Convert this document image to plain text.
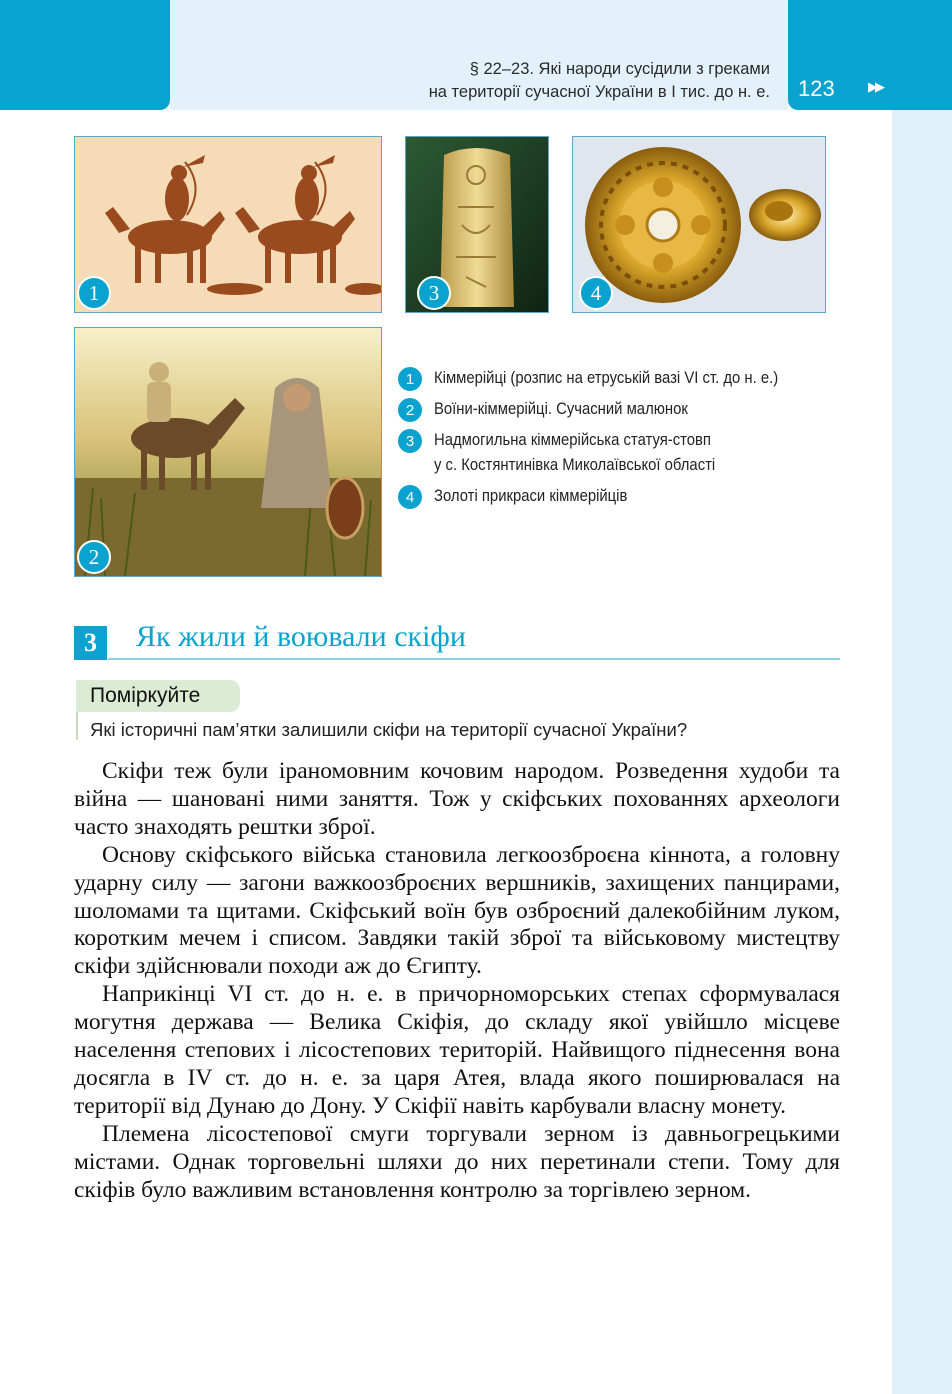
§ 22–23. Які народи сусідили з греками
на території сучасної України в І тис. до н. е. 123	▶▶
1	3	4
2
1	Кіммерійці (розпис на етруській вазі VI ст. до н. е.)
2	Воїни-кіммерійці. Сучасний малюнок
3	Надмогильна кіммерійська статуя-стовп
у с. Костянтинівка Миколаївської області
4	Золоті прикраси кіммерійців
3	Як жили й воювали скіфи
Поміркуйте
Які історичні пам’ятки залишили скіфи на території сучасної України?

Скіфи теж були іраномовним кочовим народом. Розведення худоби та війна — шановані ними заняття. Тож у скіфських похованнях археологи часто знаходять рештки зброї.

Основу скіфського війська становила легкоозброєна кіннота, а головну ударну силу — загони важкоозброєних вершників, захищених панцирами, шоломами та щитами. Скіфський воїн був озброєний далекобійним луком, коротким мечем і списом. Завдяки такій зброї та військовому мистецтву скіфи здійснювали походи аж до Єгипту.

Наприкінці VI ст. до н. е. в причорноморських степах сформувалася могутня держава — Велика Скіфія, до складу якої увійшло місцеве населення степових і лісостепових територій. Найвищого піднесення вона досягла в IV ст. до н. е. за царя Атея, влада якого поширювалася на території від Дунаю до Дону. У Скіфії навіть карбували власну монету.

Племена лісостепової смуги торгували зерном із давньогрецькими містами. Однак торговельні шляхи до них перетинали степи. Тому для скіфів було важливим встановлення контролю за торгівлею зерном.
